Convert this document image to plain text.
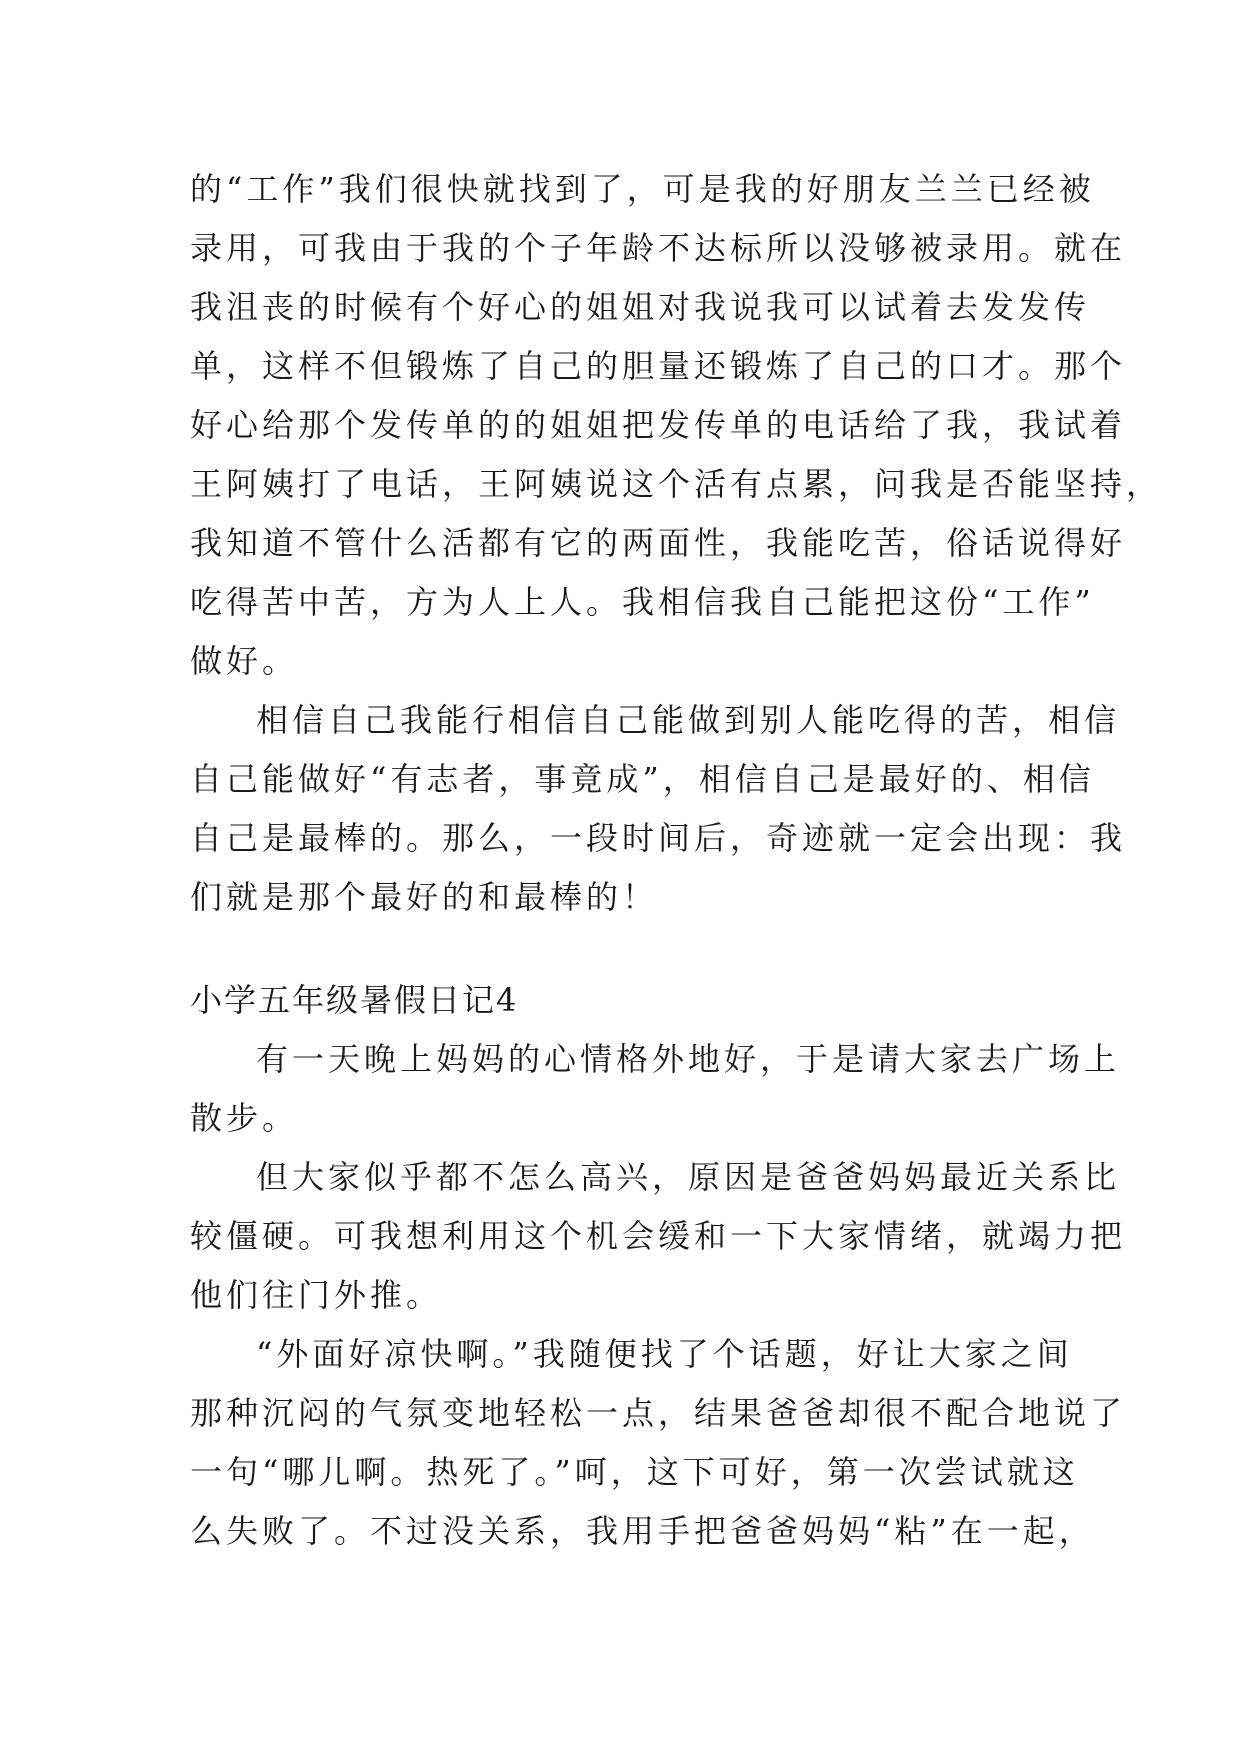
的“工作”我们很快就找到了，可是我的好朋友兰兰已经被
录用，可我由于我的个子年龄不达标所以没够被录用。就在
我沮丧的时候有个好心的姐姐对我说我可以试着去发发传
单，这样不但锻炼了自己的胆量还锻炼了自己的口才。那个
好心给那个发传单的的姐姐把发传单的电话给了我，我试着
王阿姨打了电话，王阿姨说这个活有点累，问我是否能坚持，
我知道不管什么活都有它的两面性，我能吃苦，俗话说得好
吃得苦中苦，方为人上人。我相信我自己能把这份“工作”
做好。
相信自己我能行相信自己能做到别人能吃得的苦，相信
自己能做好“有志者，事竟成”，相信自己是最好的、相信
自己是最棒的。那么，一段时间后，奇迹就一定会出现：我
们就是那个最好的和最棒的！
小学五年级暑假日记4
有一天晚上妈妈的心情格外地好，于是请大家去广场上
散步。
但大家似乎都不怎么高兴，原因是爸爸妈妈最近关系比
较僵硬。可我想利用这个机会缓和一下大家情绪，就竭力把
他们往门外推。
“外面好凉快啊。”我随便找了个话题，好让大家之间
那种沉闷的气氛变地轻松一点，结果爸爸却很不配合地说了
一句“哪儿啊。热死了。”呵，这下可好，第一次尝试就这
么失败了。不过没关系，我用手把爸爸妈妈“粘”在一起，
